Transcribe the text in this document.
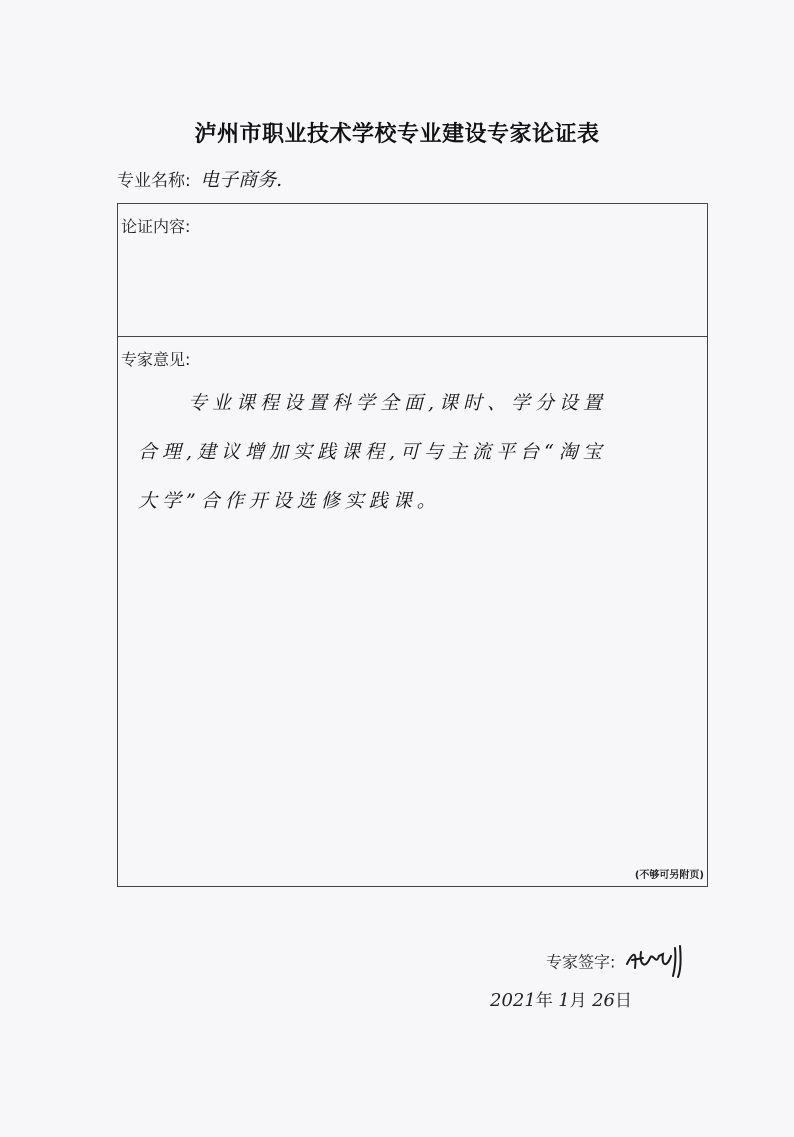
泸州市职业技术学校专业建设专家论证表
专业名称: 电子商务.
论证内容:
专家意见:
专业课程设置科学全面,课时、学分设置
合理,建议增加实践课程,可与主流平台“淘宝
大学”合作开设选修实践课。
(不够可另附页)
专家签字:
2021年 1月 26日
